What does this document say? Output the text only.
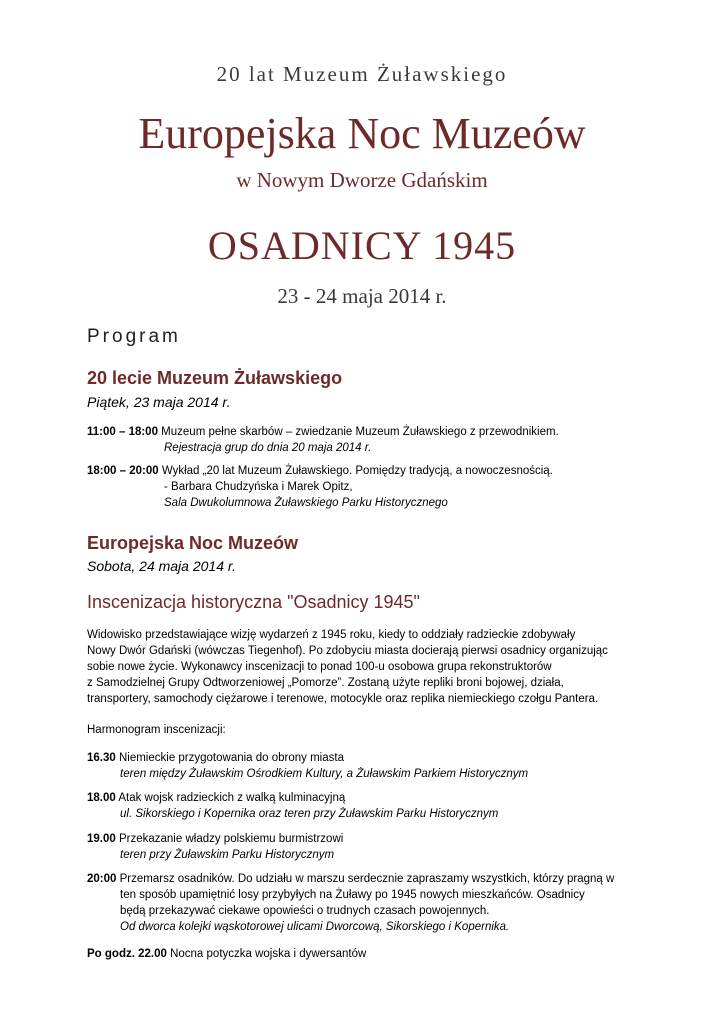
20 lat Muzeum Żuławskiego
Europejska Noc Muzeów
w Nowym Dworze Gdańskim
OSADNICY 1945
23 - 24 maja 2014 r.
Program
20 lecie Muzeum Żuławskiego
Piątek, 23 maja 2014 r.
11:00 – 18:00 Muzeum pełne skarbów – zwiedzanie Muzeum Żuławskiego z przewodnikiem.
Rejestracja grup do dnia 20 maja 2014 r.
18:00 – 20:00 Wykład „20 lat Muzeum Żuławskiego. Pomiędzy tradycją, a nowoczesnością.
- Barbara Chudzyńska i Marek Opitz,
Sala Dwukolumnowa Żuławskiego Parku Historycznego
Europejska Noc Muzeów
Sobota, 24 maja 2014 r.
Inscenizacja historyczna "Osadnicy 1945"
Widowisko przedstawiające wizję wydarzeń z 1945 roku, kiedy to oddziały radzieckie zdobywały
Nowy Dwór Gdański (wówczas Tiegenhof). Po zdobyciu miasta docierają pierwsi osadnicy organizując
sobie nowe życie. Wykonawcy inscenizacji to ponad 100-u osobowa grupa rekonstruktorów
z Samodzielnej Grupy Odtworzeniowej „Pomorze”. Zostaną użyte repliki broni bojowej, działa,
transportery, samochody ciężarowe i terenowe, motocykle oraz replika niemieckiego czołgu Pantera.
Harmonogram inscenizacji:
16.30 Niemieckie przygotowania do obrony miasta
teren między Żuławskim Ośrodkiem Kultury, a Żuławskim Parkiem Historycznym
18.00 Atak wojsk radzieckich z walką kulminacyjną
ul. Sikorskiego i Kopernika oraz teren przy Żuławskim Parku Historycznym
19.00 Przekazanie władzy polskiemu burmistrzowi
teren przy Żuławskim Parku Historycznym
20:00 Przemarsz osadników. Do udziału w marszu serdecznie zapraszamy wszystkich, którzy pragną w
ten sposób upamiętnić losy przybyłych na Żuławy po 1945 nowych mieszkańców. Osadnicy
będą przekazywać ciekawe opowieści o trudnych czasach powojennych.
Od dworca kolejki wąskotorowej ulicami Dworcową, Sikorskiego i Kopernika.
Po godz. 22.00 Nocna potyczka wojska i dywersantów
